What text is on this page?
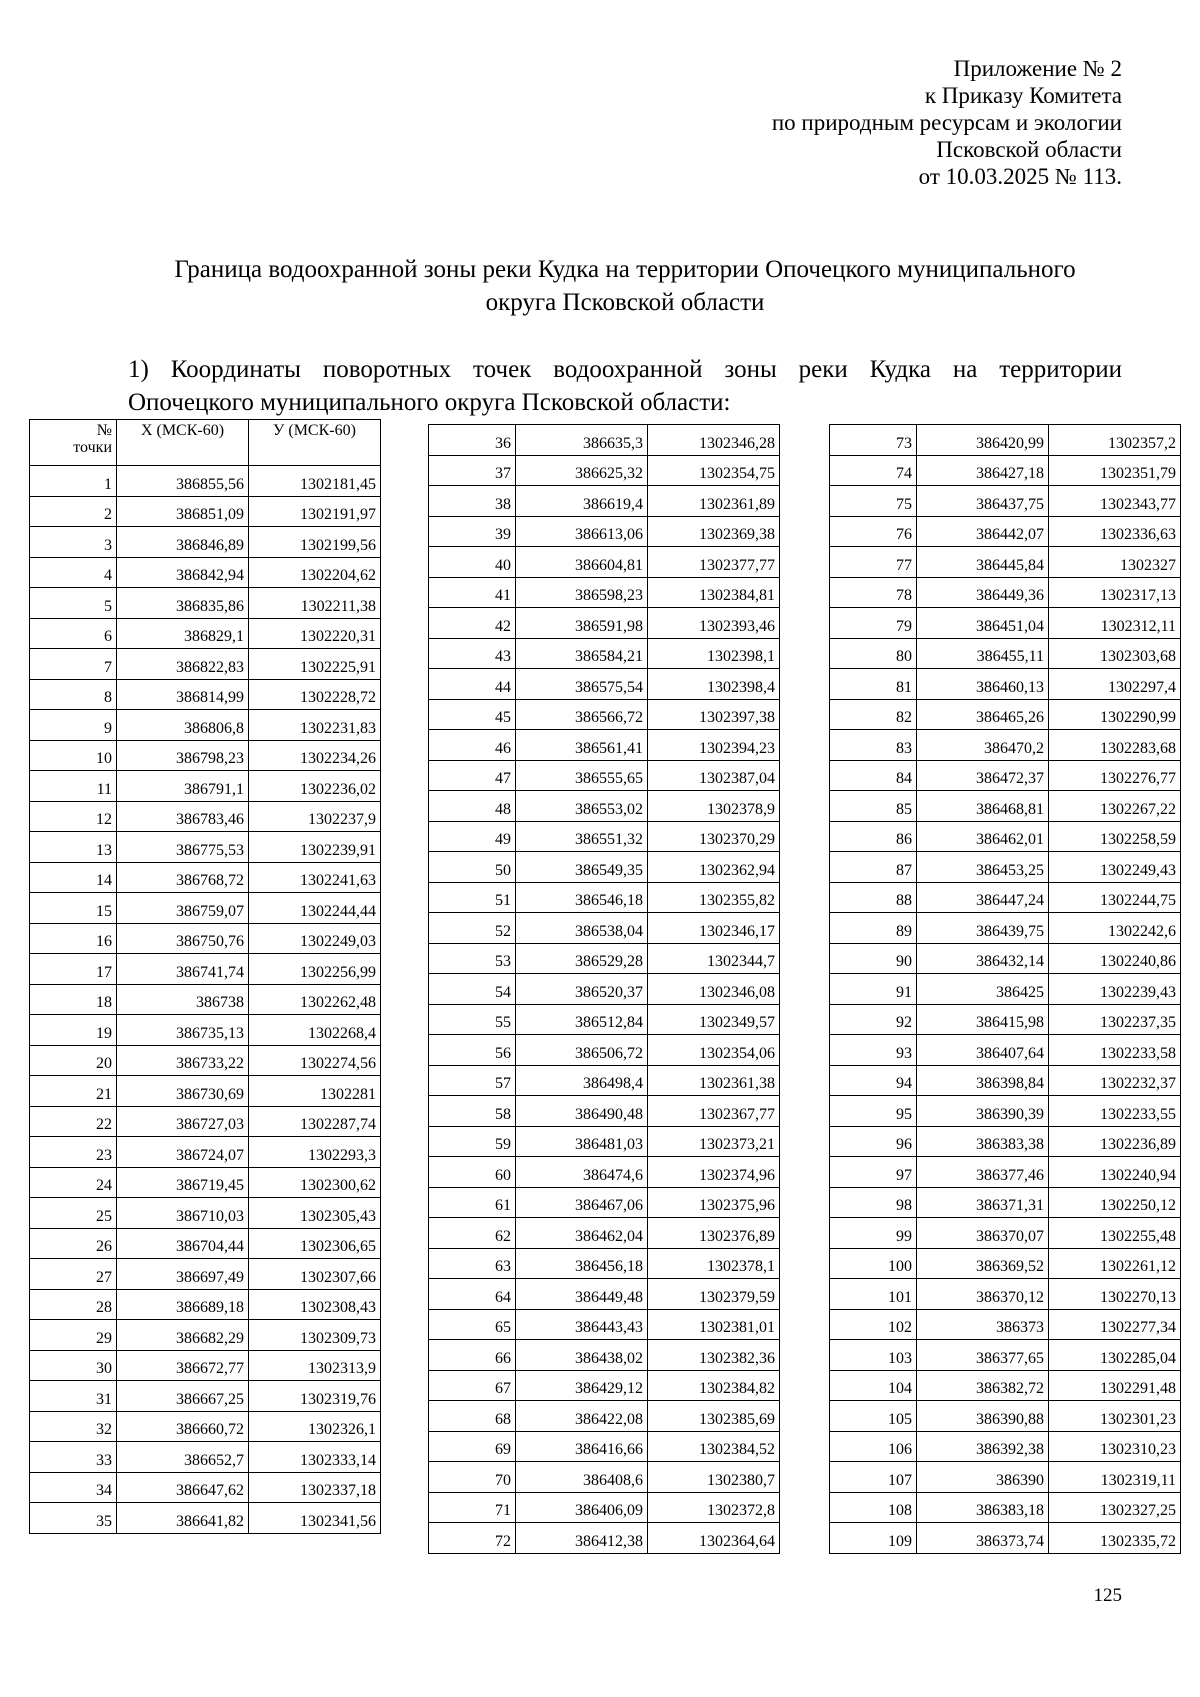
Приложение № 2
к Приказу Комитета
по природным ресурсам и экологии
Псковской области
от 10.03.2025 № 113.
Граница водоохранной зоны реки Кудка на территории Опочецкого муниципального
округа Псковской области
1) Координаты поворотных точек водоохранной зоны реки Кудка на территории
Опочецкого муниципального округа Псковской области:
№
точки	Х (МСК-60)	У (МСК-60)
1	386855,56	1302181,45
2	386851,09	1302191,97
3	386846,89	1302199,56
4	386842,94	1302204,62
5	386835,86	1302211,38
6	386829,1	1302220,31
7	386822,83	1302225,91
8	386814,99	1302228,72
9	386806,8	1302231,83
10	386798,23	1302234,26
11	386791,1	1302236,02
12	386783,46	1302237,9
13	386775,53	1302239,91
14	386768,72	1302241,63
15	386759,07	1302244,44
16	386750,76	1302249,03
17	386741,74	1302256,99
18	386738	1302262,48
19	386735,13	1302268,4
20	386733,22	1302274,56
21	386730,69	1302281
22	386727,03	1302287,74
23	386724,07	1302293,3
24	386719,45	1302300,62
25	386710,03	1302305,43
26	386704,44	1302306,65
27	386697,49	1302307,66
28	386689,18	1302308,43
29	386682,29	1302309,73
30	386672,77	1302313,9
31	386667,25	1302319,76
32	386660,72	1302326,1
33	386652,7	1302333,14
34	386647,62	1302337,18
35	386641,82	1302341,56
36	386635,3	1302346,28
37	386625,32	1302354,75
38	386619,4	1302361,89
39	386613,06	1302369,38
40	386604,81	1302377,77
41	386598,23	1302384,81
42	386591,98	1302393,46
43	386584,21	1302398,1
44	386575,54	1302398,4
45	386566,72	1302397,38
46	386561,41	1302394,23
47	386555,65	1302387,04
48	386553,02	1302378,9
49	386551,32	1302370,29
50	386549,35	1302362,94
51	386546,18	1302355,82
52	386538,04	1302346,17
53	386529,28	1302344,7
54	386520,37	1302346,08
55	386512,84	1302349,57
56	386506,72	1302354,06
57	386498,4	1302361,38
58	386490,48	1302367,77
59	386481,03	1302373,21
60	386474,6	1302374,96
61	386467,06	1302375,96
62	386462,04	1302376,89
63	386456,18	1302378,1
64	386449,48	1302379,59
65	386443,43	1302381,01
66	386438,02	1302382,36
67	386429,12	1302384,82
68	386422,08	1302385,69
69	386416,66	1302384,52
70	386408,6	1302380,7
71	386406,09	1302372,8
72	386412,38	1302364,64
73	386420,99	1302357,2
74	386427,18	1302351,79
75	386437,75	1302343,77
76	386442,07	1302336,63
77	386445,84	1302327
78	386449,36	1302317,13
79	386451,04	1302312,11
80	386455,11	1302303,68
81	386460,13	1302297,4
82	386465,26	1302290,99
83	386470,2	1302283,68
84	386472,37	1302276,77
85	386468,81	1302267,22
86	386462,01	1302258,59
87	386453,25	1302249,43
88	386447,24	1302244,75
89	386439,75	1302242,6
90	386432,14	1302240,86
91	386425	1302239,43
92	386415,98	1302237,35
93	386407,64	1302233,58
94	386398,84	1302232,37
95	386390,39	1302233,55
96	386383,38	1302236,89
97	386377,46	1302240,94
98	386371,31	1302250,12
99	386370,07	1302255,48
100	386369,52	1302261,12
101	386370,12	1302270,13
102	386373	1302277,34
103	386377,65	1302285,04
104	386382,72	1302291,48
105	386390,88	1302301,23
106	386392,38	1302310,23
107	386390	1302319,11
108	386383,18	1302327,25
109	386373,74	1302335,72
125
